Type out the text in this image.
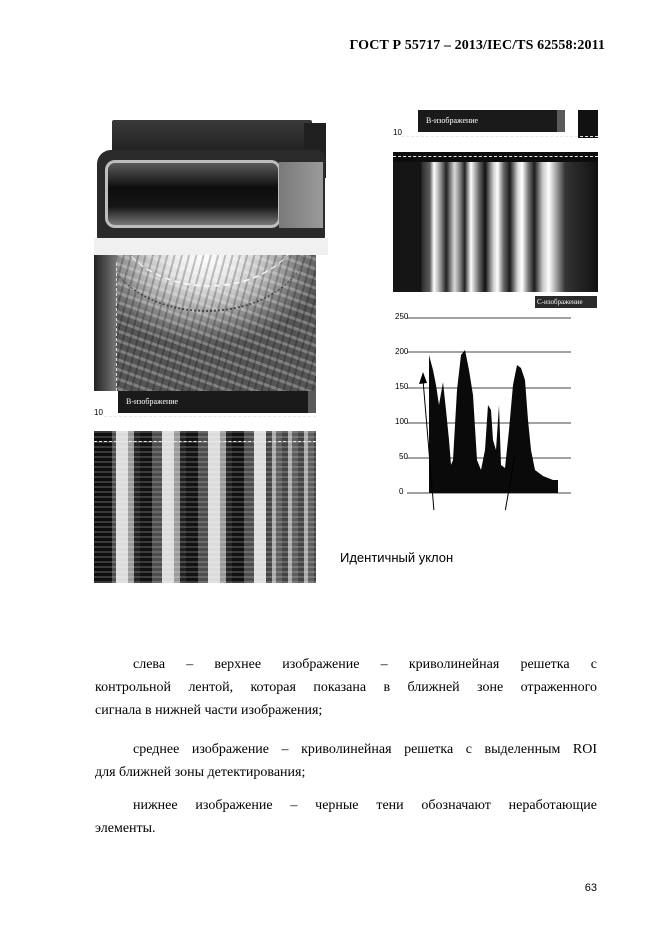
ГОСТ Р 55717 – 2013/IEC/TS 62558:2011
B-изображение
10
B-изображение
10
C-изображение
250
200
150
100
50
0
Идентичный уклон
слева – верхнее изображение – криволинейная решетка с
контрольной лентой, которая показана в ближней зоне отраженного
сигнала в нижней части изображения;
среднее изображение – криволинейная решетка с выделенным ROI
для ближней зоны детектирования;
нижнее изображение – черные тени обозначают неработающие
элементы.
63
